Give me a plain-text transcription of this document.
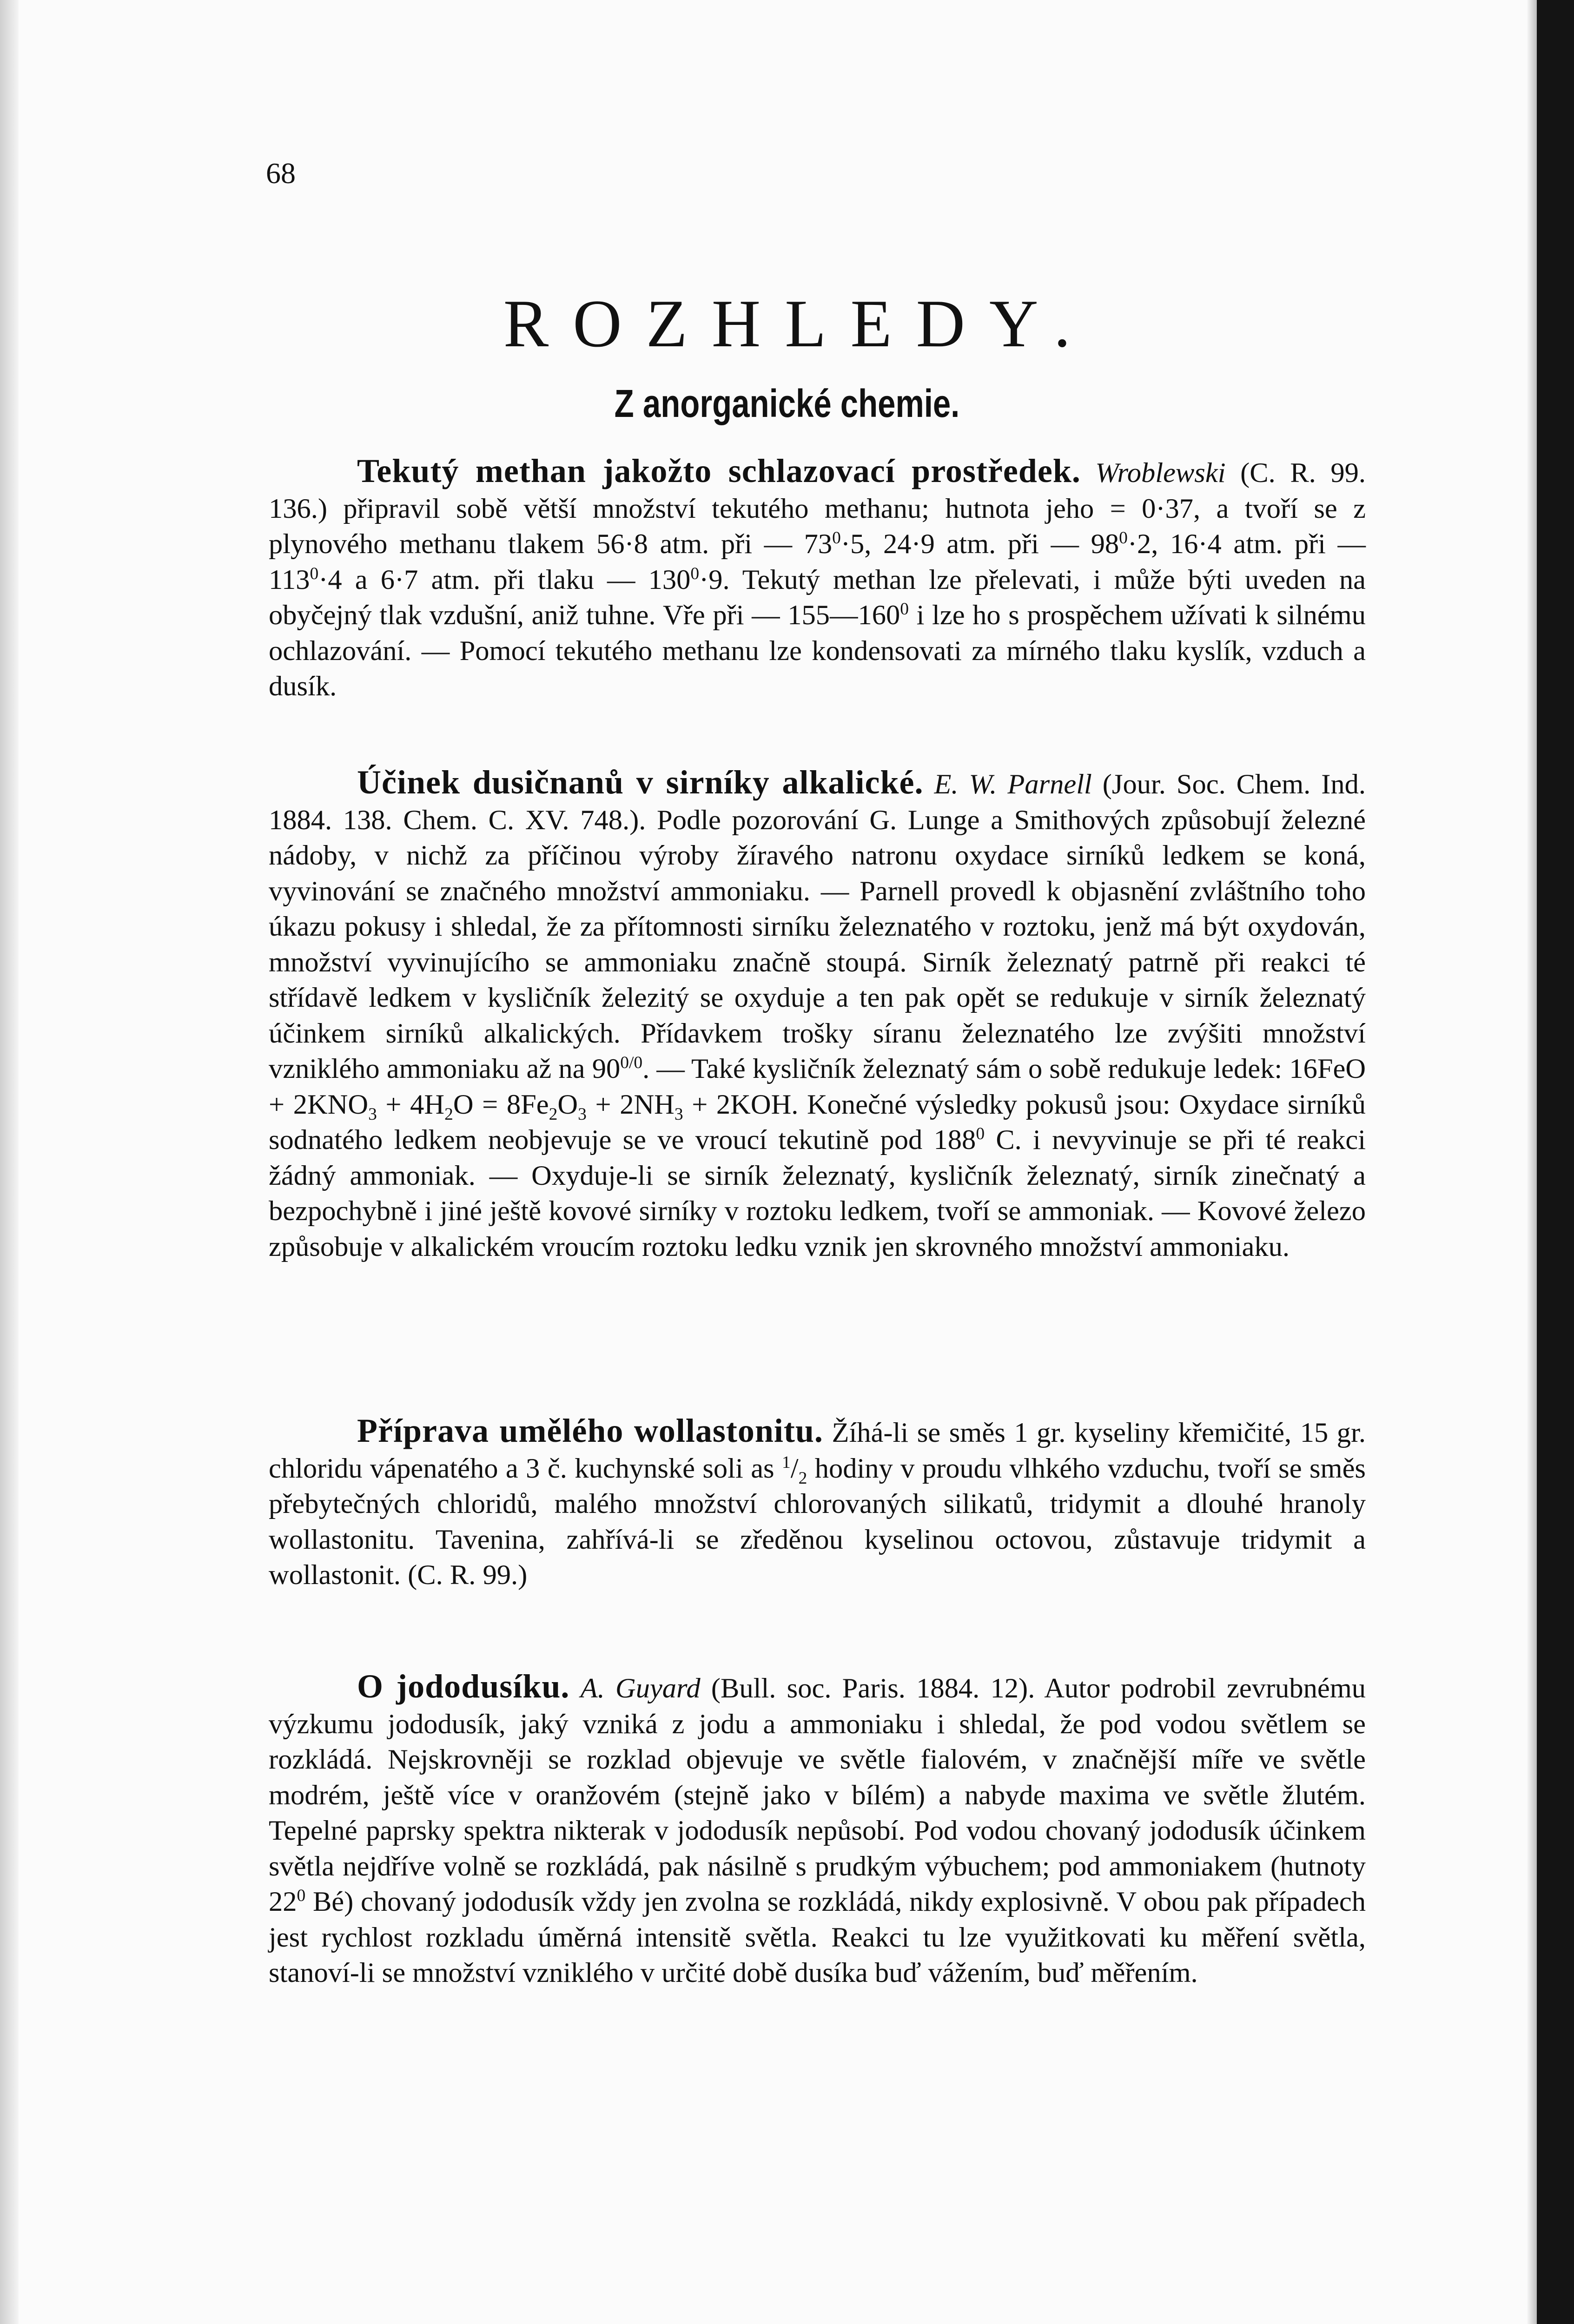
68
ROZHLEDY.
Z anorganické chemie.

Tekutý methan jakožto schlazovací prostředek. Wroblewski (C. R. 99. 136.) připravil sobě větší množství tekutého methanu; hutnota jeho = 0·37, a tvoří se z plynového methanu tlakem 56·8 atm. při — $73^0\cdot 5$, 24·9 atm. při — $98^0\cdot 2$, 16·4 atm. při — $113^0\cdot 4$ a 6·7 atm. při tlaku — $130^0\cdot 9$. Tekutý methan lze přelevati, i může býti uveden na obyčejný tlak vzdušní, aniž tuhne. Vře při — $155—160^0$ i lze ho s prospěchem užívati k silnému ochlazování. — Pomocí tekutého methanu lze kondensovati za mírného tlaku kyslík, vzduch a dusík.

Účinek dusičnanů v sirníky alkalické. E. W. Parnell (Jour. Soc. Chem. Ind. 1884. 138. Chem. C. XV. 748.). Podle pozorování G. Lunge a Smithových způsobují železné nádoby, v nichž za příčinou výroby žíravého natronu oxydace sirníků ledkem se koná, vyvinování se značného množství ammoniaku. — Parnell provedl k objasnění zvláštního toho úkazu pokusy i shledal, že za přítomnosti sirníku železnatého v roztoku, jenž má být oxydován, množství vyvinujícího se ammoniaku značně stoupá. Sirník železnatý patrně při reakci té střídavě ledkem v kysličník železitý se oxyduje a ten pak opět se redukuje v sirník železnatý účinkem sirníků alkalických. Přídavkem trošky síranu železnatého lze zvýšiti množství vzniklého ammoniaku až na $90^{0/0}$. — Také kysličník železnatý sám o sobě redukuje ledek: $16FeO + 2KNO_3 + 4H_2O = 8Fe_2O_3 + 2NH_3 + 2KOH$. Konečné výsledky pokusů jsou: Oxydace sirníků sodnatého ledkem neobjevuje se ve vroucí tekutině pod $188^0$ C. i nevyvinuje se při té reakci žádný ammoniak. — Oxyduje-li se sirník železnatý, kysličník železnatý, sirník zinečnatý a bezpochybně i jiné ještě kovové sirníky v roztoku ledkem, tvoří se ammoniak. — Kovové železo způsobuje v alkalickém vroucím roztoku ledku vznik jen skrovného množství ammoniaku.

Příprava umělého wollastonitu. Žíhá-li se směs 1 gr. kyseliny křemičité, 15 gr. chloridu vápenatého a 3 č. kuchynské soli as $^1/_2$ hodiny v proudu vlhkého vzduchu, tvoří se směs přebytečných chloridů, malého množství chlorovaných silikatů, tridymit a dlouhé hranoly wollastonitu. Tavenina, zahřívá-li se zředěnou kyselinou octovou, zůstavuje tridymit a wollastonit. (C. R. 99.)

O jododusíku. A. Guyard (Bull. soc. Paris. 1884. 12). Autor podrobil zevrubnému výzkumu jododusík, jaký vzniká z jodu a ammoniaku i shledal, že pod vodou světlem se rozkládá. Nejskrovněji se rozklad objevuje ve světle fialovém, v značnější míře ve světle modrém, ještě více v oranžovém (stejně jako v bílém) a nabyde maxima ve světle žlutém. Tepelné paprsky spektra nikterak v jododusík nepůsobí. Pod vodou chovaný jododusík účinkem světla nejdříve volně se rozkládá, pak násilně s prudkým výbuchem; pod ammoniakem (hutnoty $22^0$ Bé) chovaný jododusík vždy jen zvolna se rozkládá, nikdy explosivně. V obou pak případech jest rychlost rozkladu úměrná intensitě světla. Reakci tu lze využitkovati ku měření světla, stanoví-li se množství vzniklého v určité době dusíka buď vážením, buď měřením.
